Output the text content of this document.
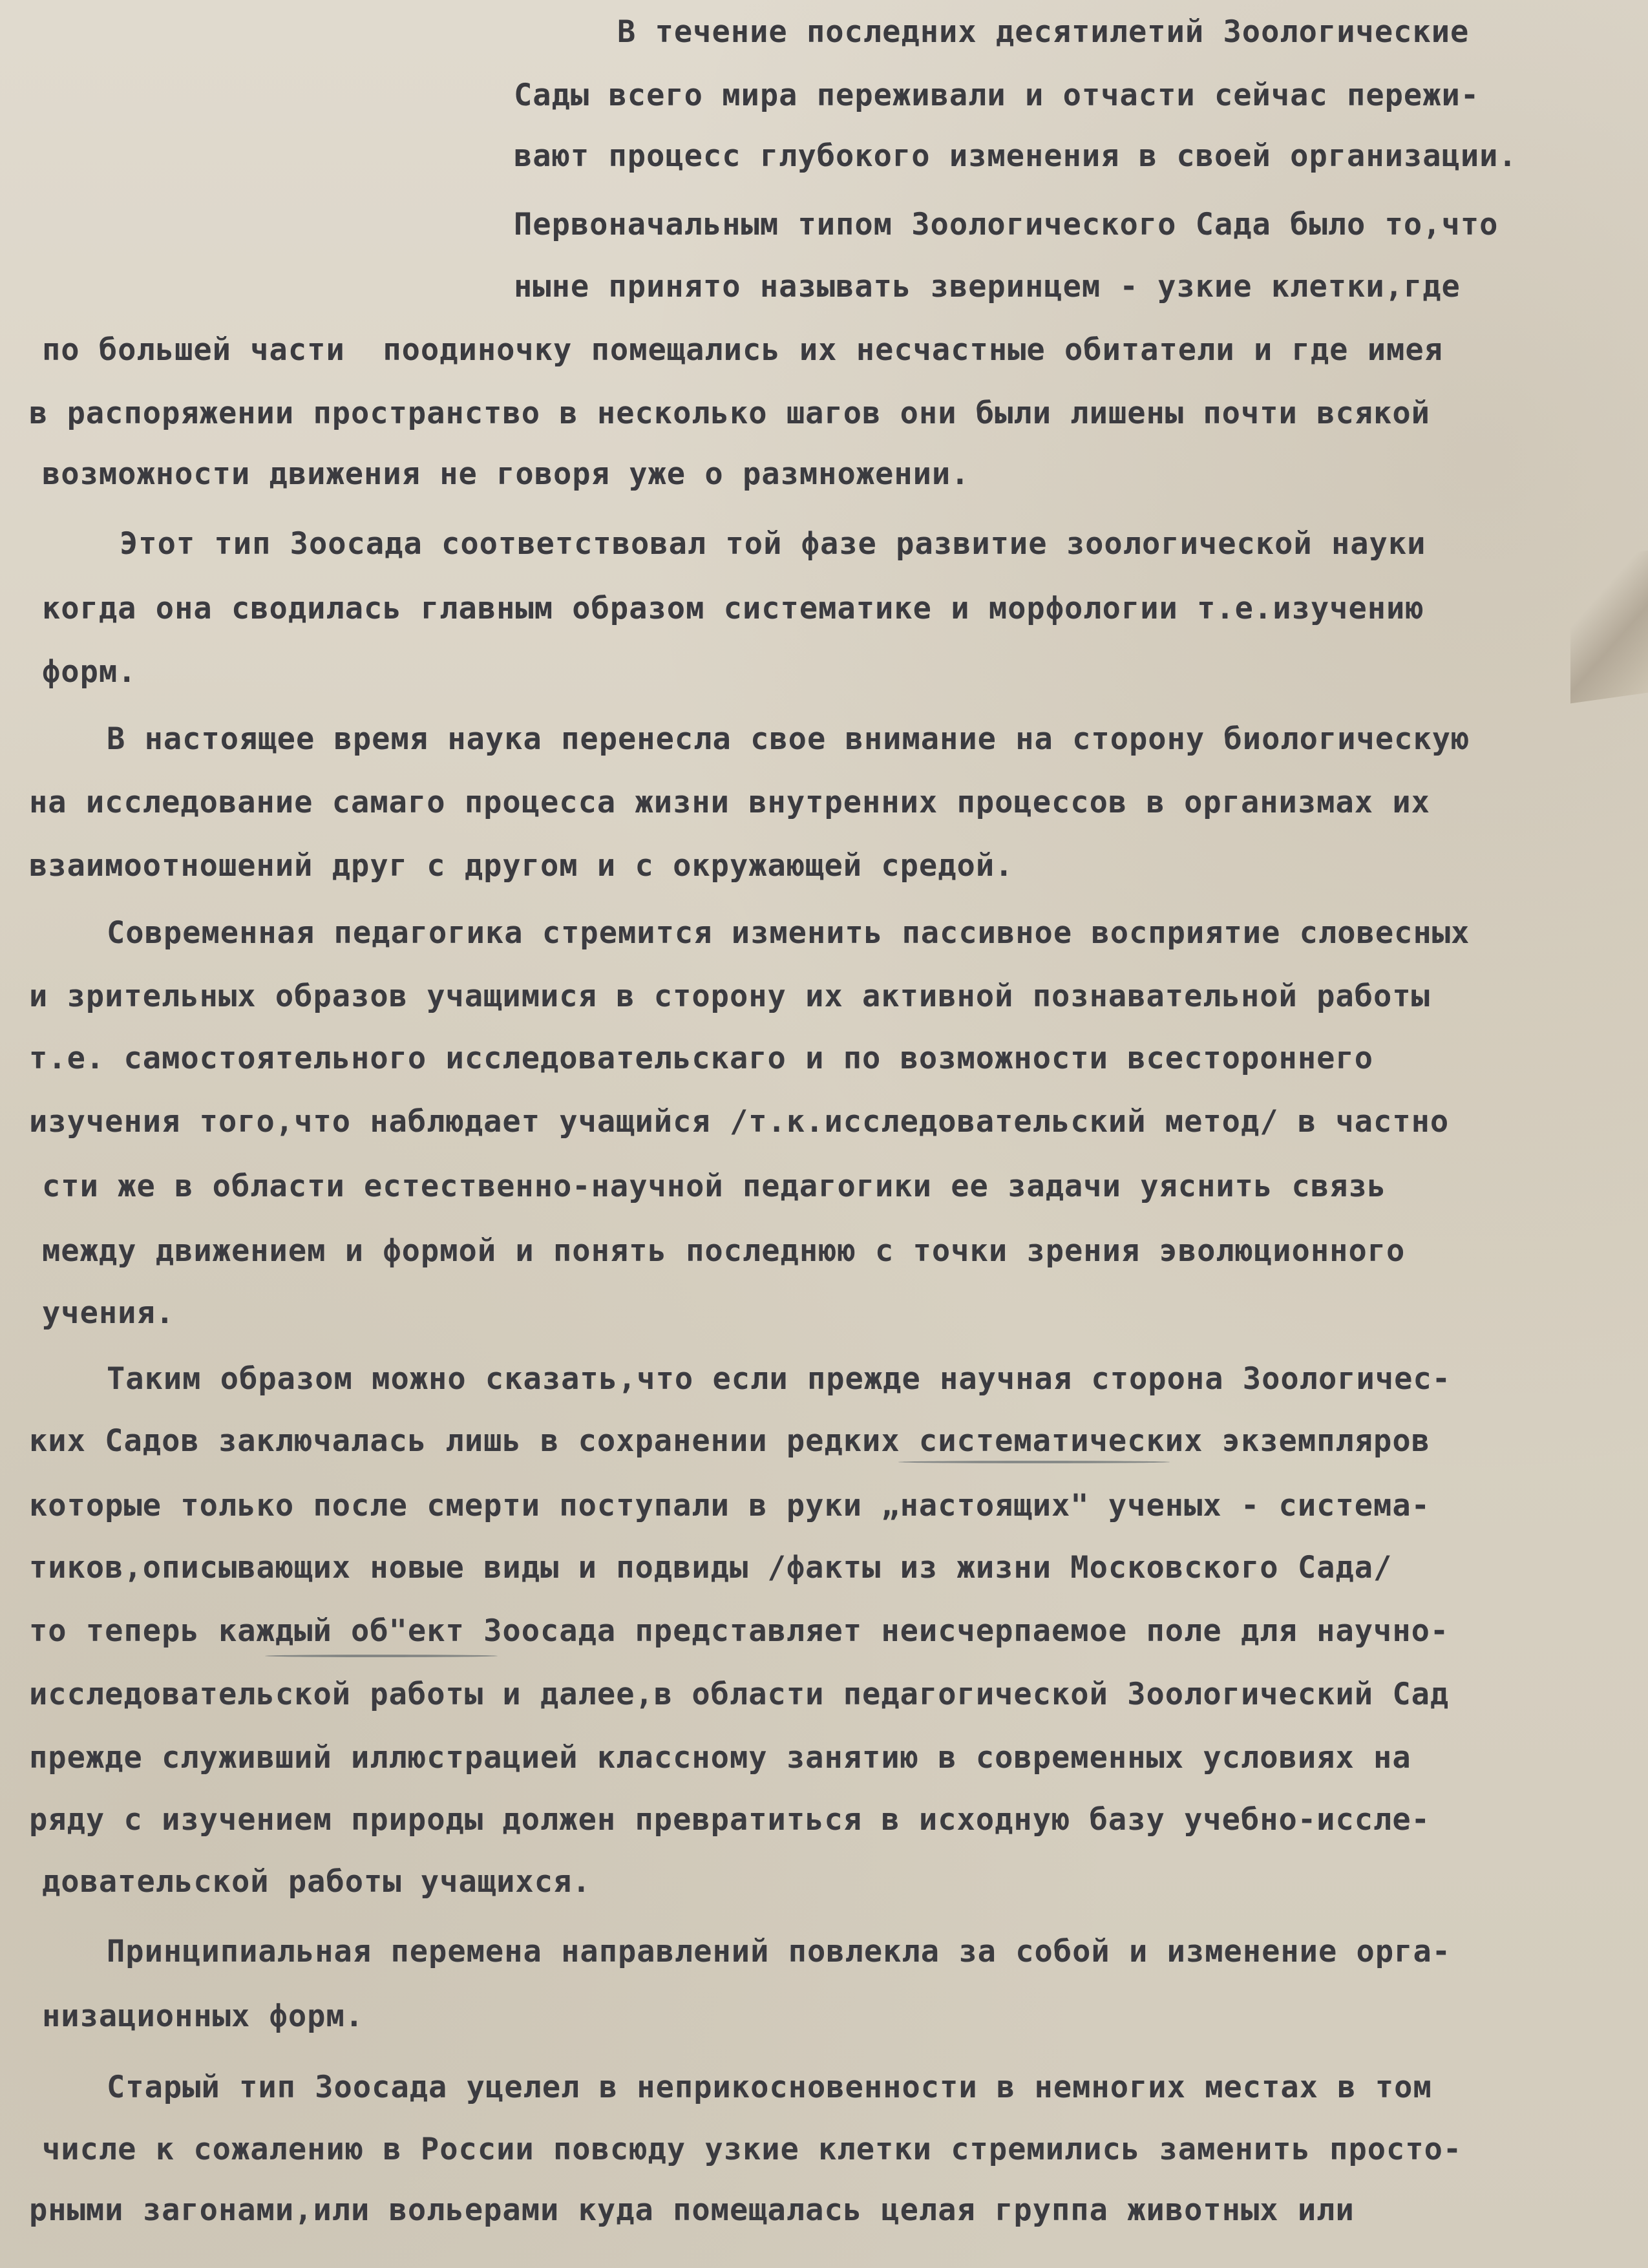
В течение последних десятилетий Зоологические
Сады всего мира переживали и отчасти сейчас пережи-
вают процесс глубокого изменения в своей организации.
Первоначальным типом Зоологического Сада было то,что
ныне принято называть зверинцем - узкие клетки,где
по большей части  поодиночку помещались их несчастные обитатели и где имея
в распоряжении пространство в несколько шагов они были лишены почти всякой
возможности движения не говоря уже о размножении.
Этот тип Зоосада соответствовал той фазе развитие зоологической науки
когда она сводилась главным образом систематике и морфологии т.е.изучению
форм.
В настоящее время наука перенесла свое внимание на сторону биологическую
на исследование самаго процесса жизни внутренних процессов в организмах их
взаимоотношений друг с другом и с окружающей средой.
Современная педагогика стремится изменить пассивное восприятие словесных
и зрительных образов учащимися в сторону их активной познавательной работы
т.е. самостоятельного исследовательскаго и по возможности всестороннего
изучения того,что наблюдает учащийся /т.к.исследовательский метод/ в частно
сти же в области естественно-научной педагогики ее задачи уяснить связь
между движением и формой и понять последнюю с точки зрения эволюционного
учения.
Таким образом можно сказать,что если прежде научная сторона Зоологичес-
ких Садов заключалась лишь в сохранении редких систематических экземпляров
которые только после смерти поступали в руки „настоящих" ученых - система-
тиков,описывающих новые виды и подвиды /факты из жизни Московского Сада/
то теперь каждый об"ект Зоосада представляет неисчерпаемое поле для научно-
исследовательской работы и далее,в области педагогической Зоологический Сад
прежде служивший иллюстрацией классному занятию в современных условиях на
ряду с изучением природы должен превратиться в исходную базу учебно-иссле-
довательской работы учащихся.
Принципиальная перемена направлений повлекла за собой и изменение орга-
низационных форм.
Старый тип Зоосада уцелел в неприкосновенности в немногих местах в том
числе к сожалению в России повсюду узкие клетки стремились заменить просто-
рными загонами,или вольерами куда помещалась целая группа животных или
